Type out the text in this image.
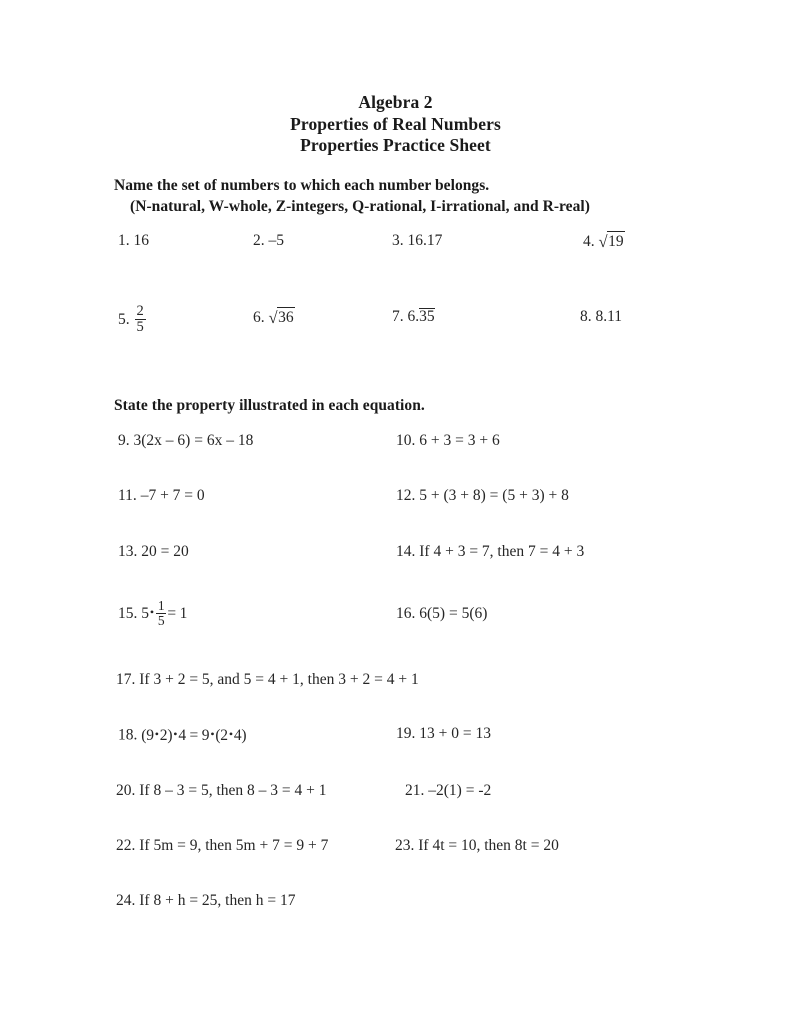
Algebra 2
Properties of Real Numbers
Properties Practice Sheet
Name the set of numbers to which each number belongs.
(N-natural, W-whole, Z-integers, Q-rational, I-irrational, and R-real)
1. 16	2. –5	3. 16.17	4. √19
5. $\frac{2}{5}$	6. √36	7. 6.35	8. 8.11
State the property illustrated in each equation.
9. 3(2x – 6) = 6x – 18	10. 6 + 3 = 3 + 6
11. –7 + 7 = 0	12. 5 + (3 + 8) = (5 + 3) + 8
13. 20 = 20	14. If 4 + 3 = 7, then 7 = 4 + 3
15. 5• $\frac{1}{5} = 1$	16. 6(5) = 5(6)
17. If 3 + 2 = 5, and 5 = 4 + 1, then 3 + 2 = 4 + 1
18. (9•2)•4 = 9•(2•4)	19. 13 + 0 = 13
20. If 8 – 3 = 5, then 8 – 3 = 4 + 1	21. –2(1) = -2
22. If 5m = 9, then 5m + 7 = 9 + 7	23. If 4t = 10, then 8t = 20
24. If 8 + h = 25, then h = 17
